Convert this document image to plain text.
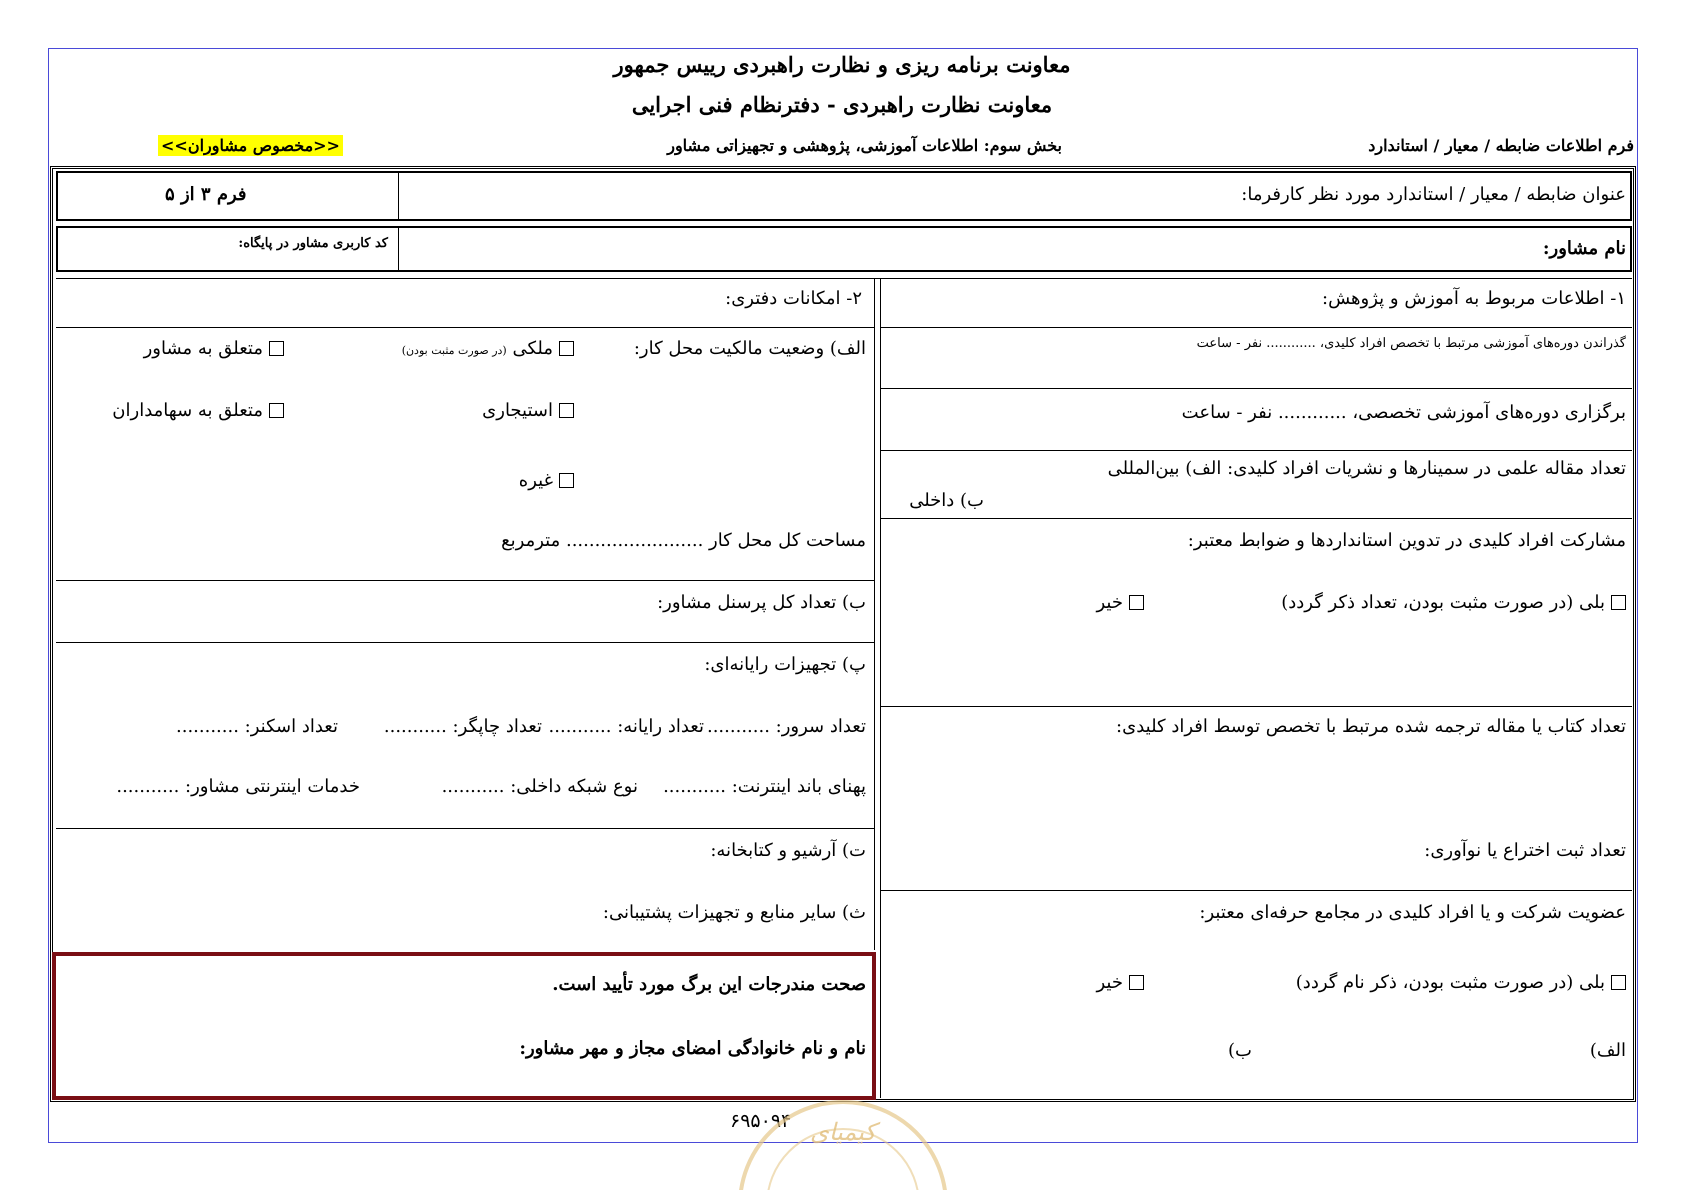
معاونت برنامه ریزی و نظارت راهبردی رییس جمهور
معاونت نظارت راهبردی - دفترنظام فنی اجرایی
فرم اطلاعات ضابطه / معیار / استاندارد
بخش سوم: اطلاعات آموزشی، پژوهشی و تجهیزاتی مشاور
<<مخصوص مشاوران>>
عنوان ضابطه / معیار / استاندارد مورد نظر کارفرما:
فرم ۳ از ۵
نام مشاور:
کد کاربری مشاور در پایگاه:
۱- اطلاعات مربوط به آموزش و پژوهش:
گذراندن دوره‌های آموزشی مرتبط با تخصص افراد کلیدی، ............ نفر - ساعت
برگزاری دوره‌های آموزشی تخصصی، ............ نفر - ساعت
تعداد مقاله علمی در سمینارها و نشریات افراد کلیدی: الف) بین‌المللی
ب) داخلی
مشارکت افراد کلیدی در تدوین استانداردها و ضوابط معتبر:
بلی (در صورت مثبت بودن، تعداد ذکر گردد)
خیر
تعداد کتاب یا مقاله ترجمه شده مرتبط با تخصص توسط افراد کلیدی:
تعداد ثبت اختراع یا نوآوری:
عضویت شرکت و یا افراد کلیدی در مجامع حرفه‌ای معتبر:
بلی (در صورت مثبت بودن، ذکر نام گردد)
خیر
الف)
ب)
۲- امکانات دفتری:
الف) وضعیت مالکیت محل کار:
ملکی (در صورت مثبت بودن)
متعلق به مشاور
استیجاری
متعلق به سهامداران
غیره
مساحت کل محل کار ........................ مترمربع
ب) تعداد کل پرسنل مشاور:
پ) تجهیزات رایانه‌ای:
تعداد سرور: ...........
تعداد رایانه: ...........
تعداد چاپگر: ...........
تعداد اسکنر: ...........
پهنای باند اینترنت: ...........
نوع شبکه داخلی: ...........
خدمات اینترنتی مشاور: ...........
ت) آرشیو و کتابخانه:
ث) سایر منابع و تجهیزات پشتیبانی:
صحت مندرجات این برگ مورد تأیید است.
نام و نام خانوادگی امضای مجاز و مهر مشاور:
۶۹۵۰۹۴ کیمیای
